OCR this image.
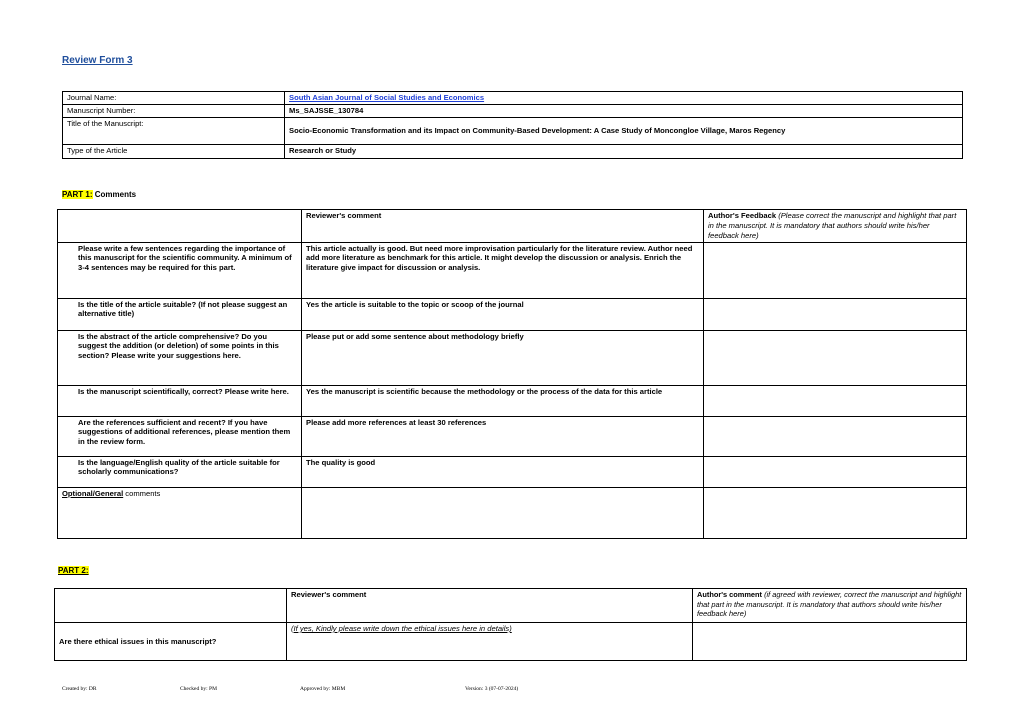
Review Form 3
Journal Name:	South Asian Journal of Social Studies and Economics
Manuscript Number:	Ms_SAJSSE_130784
Title of the Manuscript:	Socio-Economic Transformation and its Impact on Community-Based Development: A Case Study of Moncongloe Village, Maros Regency
Type of the Article	Research or Study
PART 1: Comments
	Reviewer's comment	Author's Feedback (Please correct the manuscript and highlight that part in the manuscript. It is mandatory that authors should write his/her feedback here)
Please write a few sentences regarding the importance of this manuscript for the scientific community. A minimum of 3-4 sentences may be required for this part.	This article actually is good. But need more improvisation particularly for the literature review. Author need add more literature as benchmark for this article. It might develop the discussion or analysis. Enrich the literature give impact for discussion or analysis.	
Is the title of the article suitable? (If not please suggest an alternative title)	Yes the article is suitable to the topic or scoop of the journal	
Is the abstract of the article comprehensive? Do you suggest the addition (or deletion) of some points in this section? Please write your suggestions here.	Please put or add some sentence about methodology briefly	
Is the manuscript scientifically, correct? Please write here.	Yes the manuscript is scientific because the methodology or the process of the data for this article	
Are the references sufficient and recent? If you have suggestions of additional references, please mention them in the review form.	Please add more references at least 30 references	
Is the language/English quality of the article suitable for scholarly communications?	The quality is good	
Optional/General comments		
PART 2:
	Reviewer's comment	Author's comment (if agreed with reviewer, correct the manuscript and highlight that part in the manuscript. It is mandatory that authors should write his/her feedback here)
Are there ethical issues in this manuscript?	(If yes, Kindly please write down the ethical issues here in details)	
Created by: DR	Checked by: PM	Approved by: MBM	Version: 3 (07-07-2024)
